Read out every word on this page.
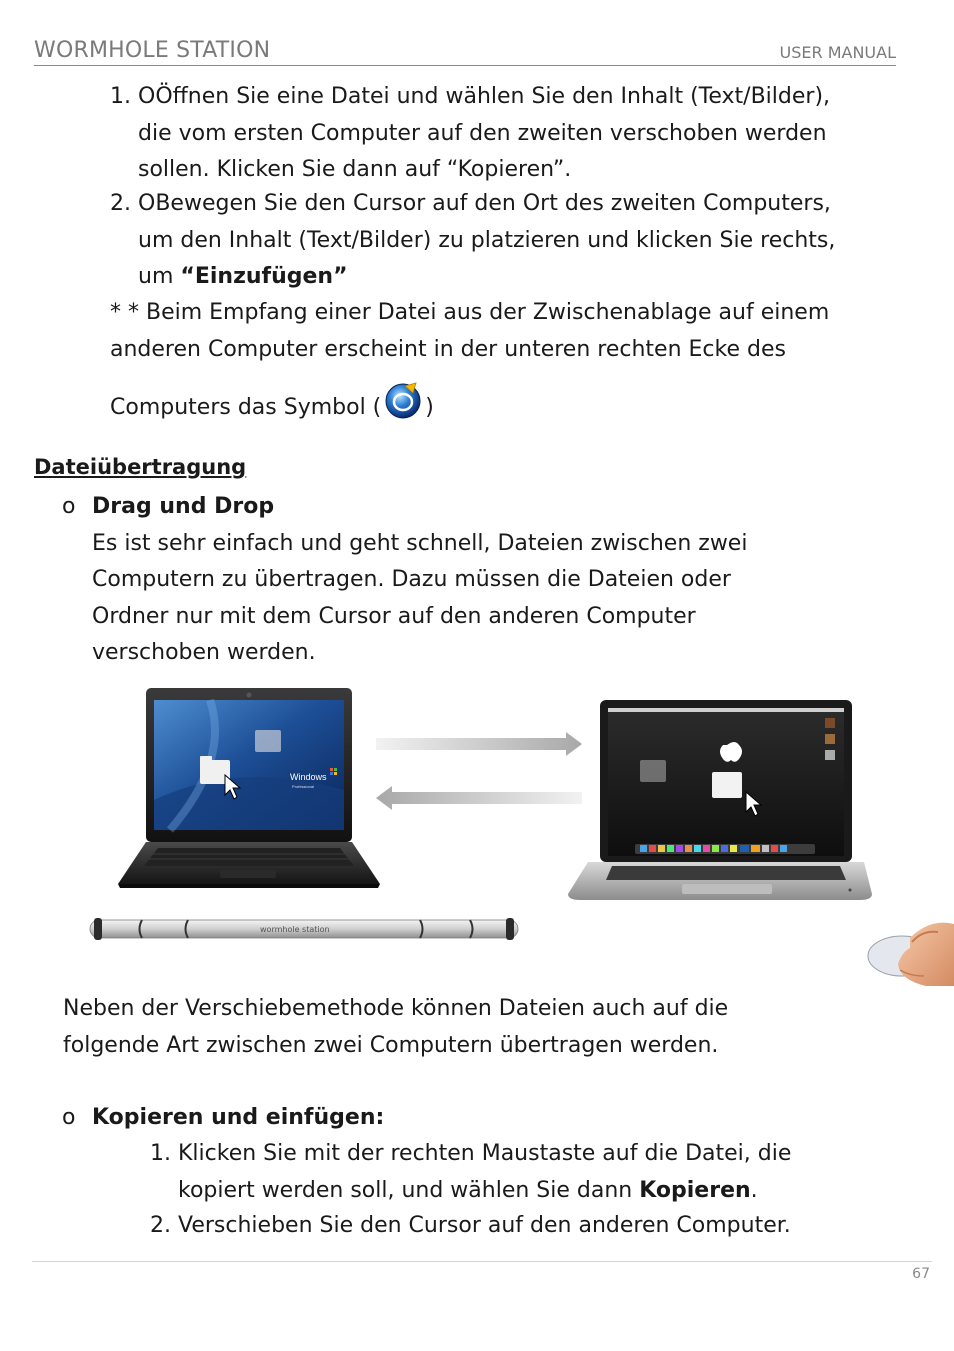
WORMHOLE STATION	USER MANUAL
1. OÖffnen Sie eine Datei und wählen Sie den Inhalt (Text/Bilder),
die vom ersten Computer auf den zweiten verschoben werden
sollen. Klicken Sie dann auf “Kopieren”.
2. OBewegen Sie den Cursor auf den Ort des zweiten Computers,
um den Inhalt (Text/Bilder) zu platzieren und klicken Sie rechts,
um “Einzufügen”
* * Beim Empfang einer Datei aus der Zwischenablage auf einem
anderen Computer erscheint in der unteren rechten Ecke des
Computers das Symbol ( )
Dateiübertragung
o Drag und Drop
Es ist sehr einfach und geht schnell, Dateien zwischen zwei
Computern zu übertragen. Dazu müssen die Dateien oder
Ordner nur mit dem Cursor auf den anderen Computer
verschoben werden.
Windows
Professional
wormhole station
Neben der Verschiebemethode können Dateien auch auf die
folgende Art zwischen zwei Computern übertragen werden.
o Kopieren und einfügen:
1. Klicken Sie mit der rechten Maustaste auf die Datei, die
kopiert werden soll, und wählen Sie dann Kopieren.
2. Verschieben Sie den Cursor auf den anderen Computer.
67
